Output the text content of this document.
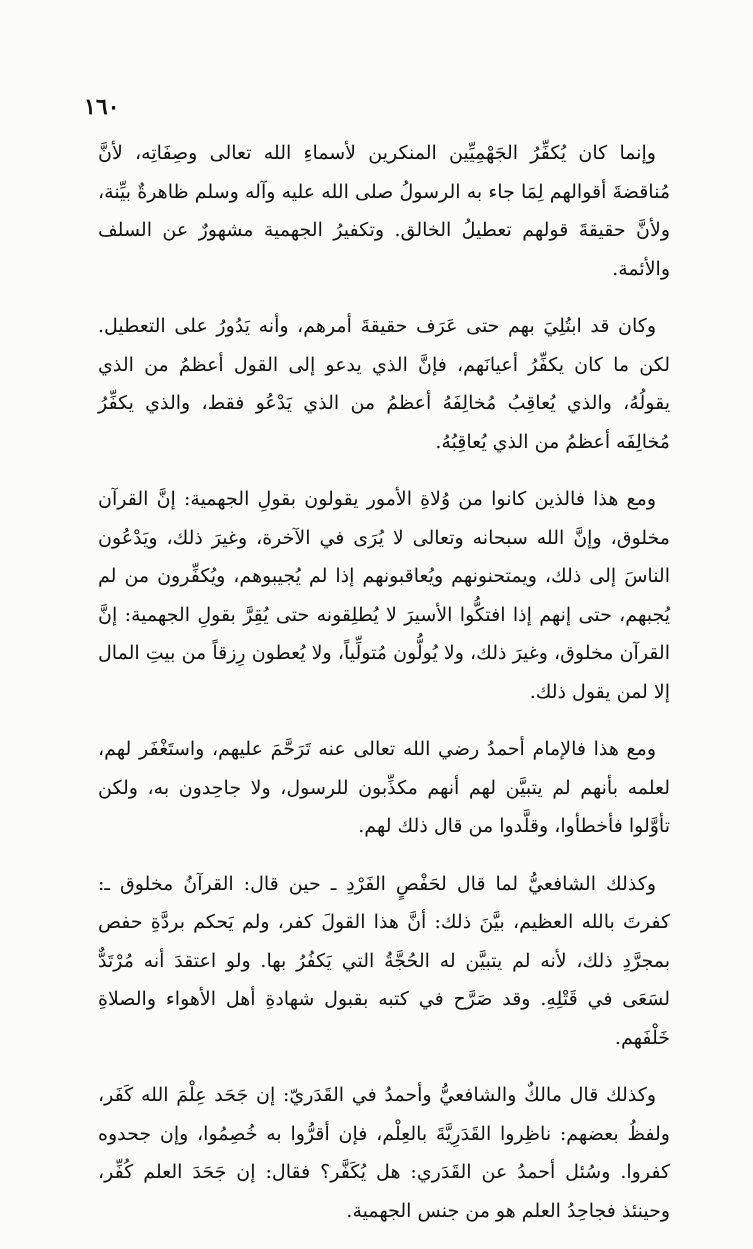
١٦٠

وإنما كان يُكفِّرُ الجَهْمِيِّين المنكرين لأسماءِ الله تعالى وصِفَاتِه، لأنَّ مُناقضةَ أقوالهم لِمَا جاء به الرسولُ صلى الله عليه وآله وسلم ظاهرةٌ بيِّنة، ولأنَّ حقيقةَ قولهم تعطيلُ الخالق. وتكفيرُ الجهمية مشهورٌ عن السلف والأئمة.

وكان قد ابتُلِيَ بهم حتى عَرَف حقيقةَ أمرهم، وأنه يَدُورُ على التعطيل. لكن ما كان يكفِّرُ أعيانَهم، فإنَّ الذي يدعو إلى القول أعظمُ من الذي يقولُهُ، والذي يُعاقِبُ مُخالِفَهُ أعظمُ من الذي يَدْعُو فقط، والذي يكفِّرُ مُخالِفَه أعظمُ من الذي يُعاقِبُهُ.

ومع هذا فالذين كانوا من وُلاةِ الأمور يقولون بقولِ الجهمية: إنَّ القرآن مخلوق، وإنَّ الله سبحانه وتعالى لا يُرَى في الآخرة، وغيرَ ذلك، ويَدْعُون الناسَ إلى ذلك، ويمتحنونهم ويُعاقبونهم إذا لم يُجيبوهم، ويُكفِّرون من لم يُجبهم، حتى إنهم إذا افتكُّوا الأسيرَ لا يُطلِقونه حتى يُقِرَّ بقولِ الجهمية: إنَّ القرآن مخلوق، وغيرَ ذلك، ولا يُولُّون مُتولِّياً، ولا يُعطون رِزقاً من بيتِ المال إلا لمن يقول ذلك.

ومع هذا فالإمام أحمدُ رضي الله تعالى عنه تَرَحَّمَ عليهم، واستَغْفَر لهم، لعلمه بأنهم لم يتبيَّن لهم أنهم مكذِّبون للرسول، ولا جاحِدون به، ولكن تأوَّلوا فأخطأوا، وقلَّدوا من قال ذلك لهم.

وكذلك الشافعيُّ لما قال لحَفْصٍ الفَرْدِ ـ حين قال: القرآنُ مخلوق ـ: كفرتَ بالله العظيم، بيَّنَ ذلك: أنَّ هذا القولَ كفر، ولم يَحكم بردَّةِ حفص بمجرَّدِ ذلك، لأنه لم يتبيَّن له الحُجَّةُ التي يَكفُرُ بها. ولو اعتقدَ أنه مُرْتَدٌّ لسَعَى في قَتْلِهِ. وقد صَرَّح في كتبه بقبول شهادةِ أهل الأهواء والصلاةِ خَلْفَهم.

وكذلك قال مالكٌ والشافعيُّ وأحمدُ في القَدَريّ: إن جَحَد عِلْمَ الله كَفَر، ولفظُ بعضهم: ناظِروا القَدَرِيَّةَ بالعِلْم، فإن أقرُّوا به خُصِمُوا، وإن جحدوه كفروا. وسُئل أحمدُ عن القَدَري: هل يُكَفَّر؟ فقال: إن جَحَدَ العلم كُفِّر، وحينئذ فجاحِدُ العلم هو من جنس الجهمية.
